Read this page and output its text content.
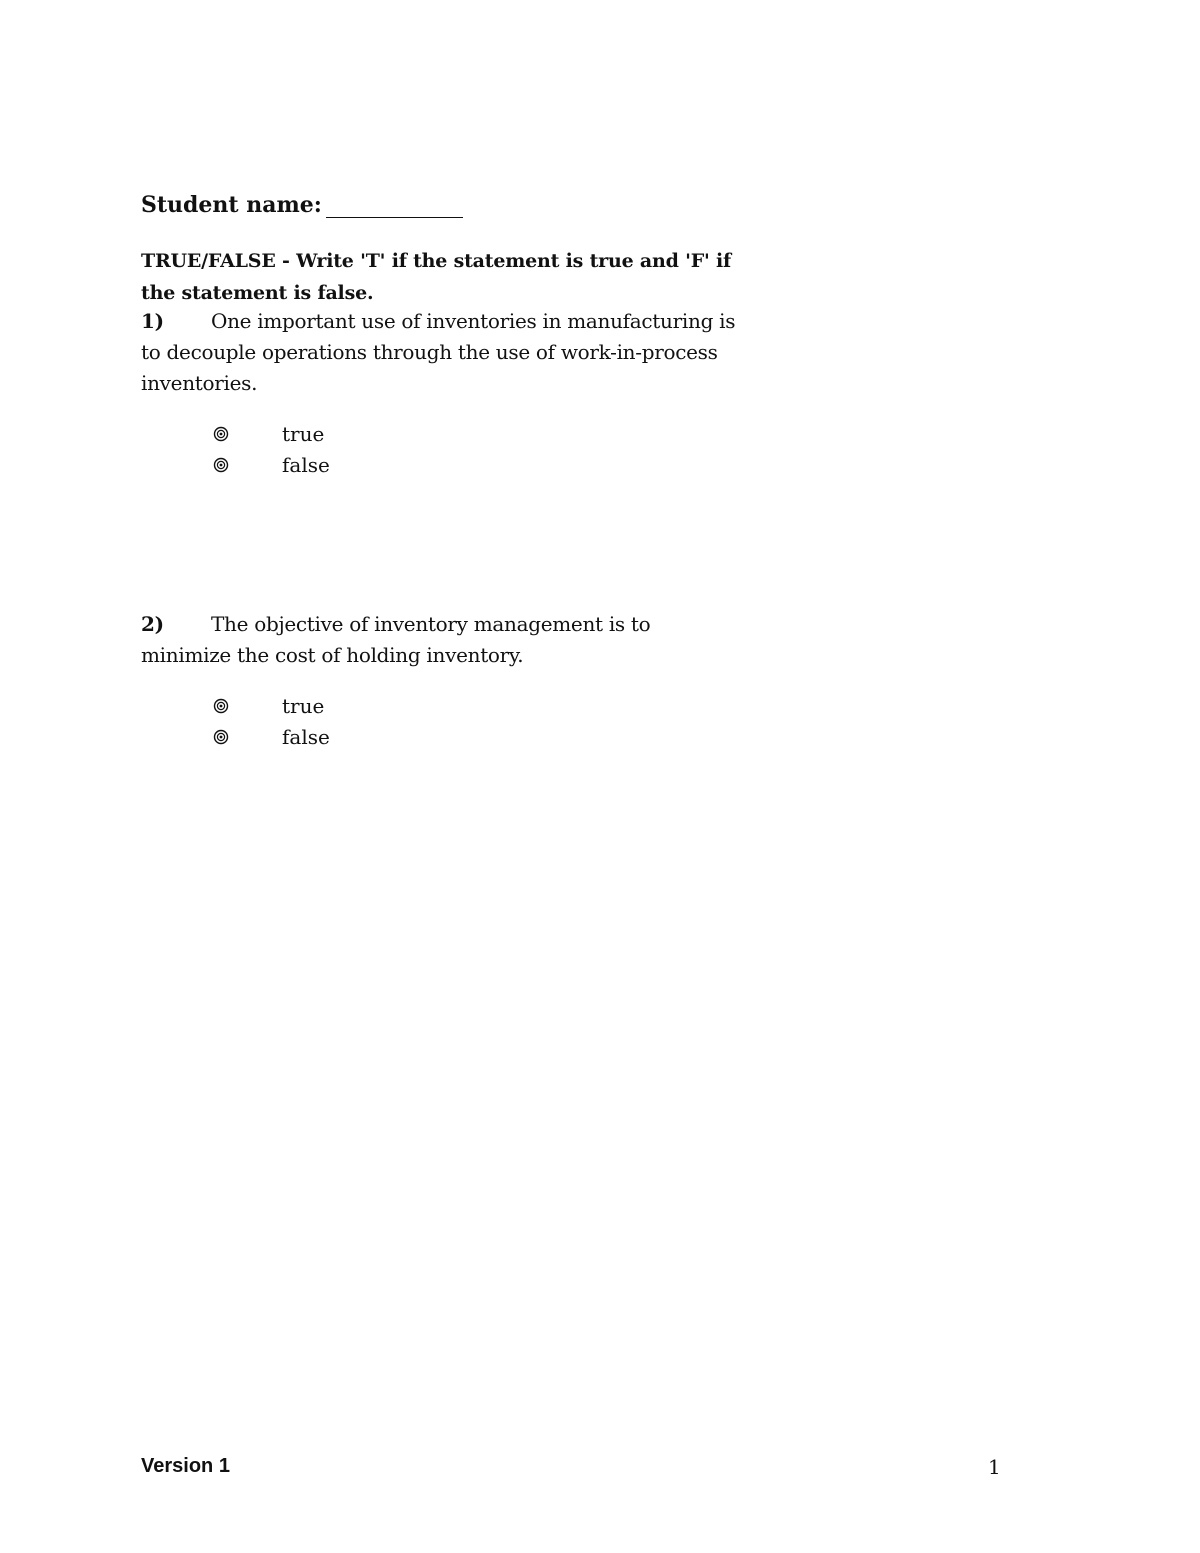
Student name:
TRUE/FALSE - Write 'T' if the statement is true and 'F' if the statement is false.
1) One important use of inventories in manufacturing is to decouple operations through the use of work-in-process inventories.
true
false
2) The objective of inventory management is to minimize the cost of holding inventory.
true
false
Version 1	1
